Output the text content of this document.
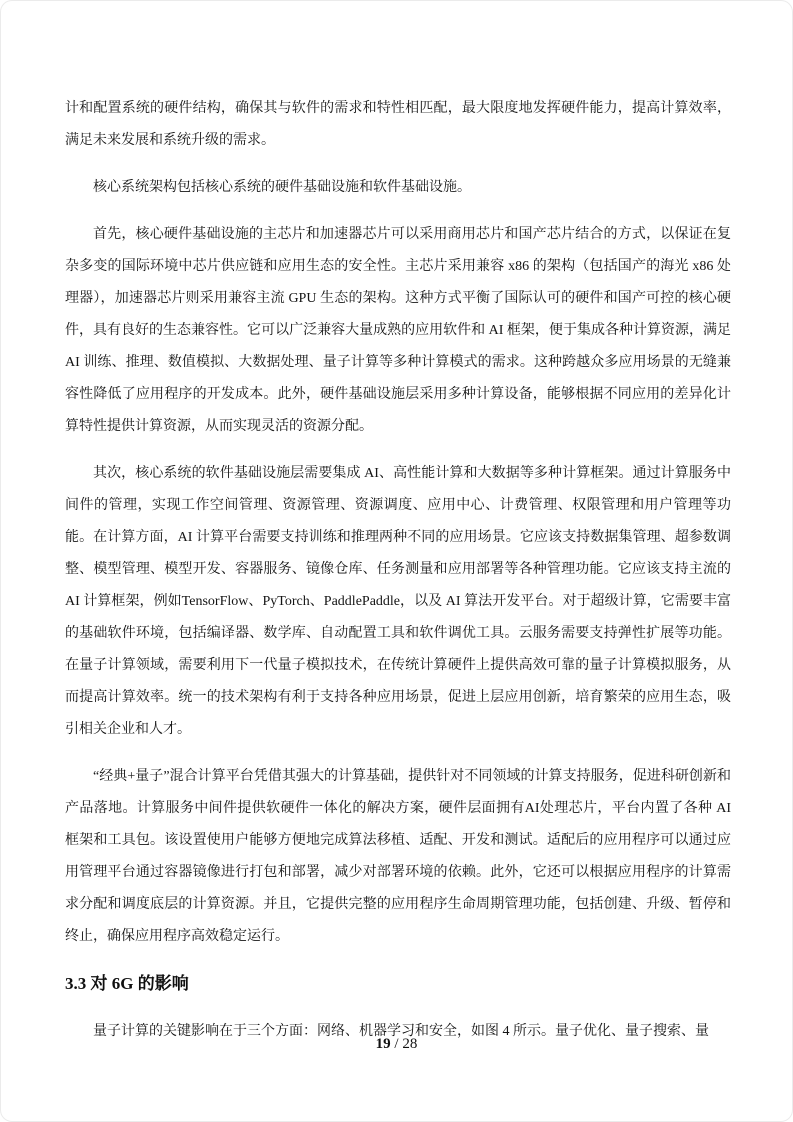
计和配置系统的硬件结构，确保其与软件的需求和特性相匹配，最大限度地发挥硬件能力，提高计算效率，满足未来发展和系统升级的需求。

核心系统架构包括核心系统的硬件基础设施和软件基础设施。

首先，核心硬件基础设施的主芯片和加速器芯片可以采用商用芯片和国产芯片结合的方式，以保证在复杂多变的国际环境中芯片供应链和应用生态的安全性。主芯片采用兼容 x86 的架构（包括国产的海光 x86 处理器），加速器芯片则采用兼容主流 GPU 生态的架构。这种方式平衡了国际认可的硬件和国产可控的核心硬件，具有良好的生态兼容性。它可以广泛兼容大量成熟的应用软件和 AI 框架，便于集成各种计算资源，满足 AI 训练、推理、数值模拟、大数据处理、量子计算等多种计算模式的需求。这种跨越众多应用场景的无缝兼容性降低了应用程序的开发成本。此外，硬件基础设施层采用多种计算设备，能够根据不同应用的差异化计算特性提供计算资源，从而实现灵活的资源分配。

其次，核心系统的软件基础设施层需要集成 AI、高性能计算和大数据等多种计算框架。通过计算服务中间件的管理，实现工作空间管理、资源管理、资源调度、应用中心、计费管理、权限管理和用户管理等功能。在计算方面，AI 计算平台需要支持训练和推理两种不同的应用场景。它应该支持数据集管理、超参数调整、模型管理、模型开发、容器服务、镜像仓库、任务测量和应用部署等各种管理功能。它应该支持主流的 AI 计算框架，例如TensorFlow、PyTorch、PaddlePaddle，以及 AI 算法开发平台。对于超级计算，它需要丰富的基础软件环境，包括编译器、数学库、自动配置工具和软件调优工具。云服务需要支持弹性扩展等功能。在量子计算领域，需要利用下一代量子模拟技术，在传统计算硬件上提供高效可靠的量子计算模拟服务，从而提高计算效率。统一的技术架构有利于支持各种应用场景，促进上层应用创新，培育繁荣的应用生态，吸引相关企业和人才。

“经典+量子”混合计算平台凭借其强大的计算基础，提供针对不同领域的计算支持服务，促进科研创新和产品落地。计算服务中间件提供软硬件一体化的解决方案，硬件层面拥有AI处理芯片，平台内置了各种 AI 框架和工具包。该设置使用户能够方便地完成算法移植、适配、开发和测试。适配后的应用程序可以通过应用管理平台通过容器镜像进行打包和部署，减少对部署环境的依赖。此外，它还可以根据应用程序的计算需求分配和调度底层的计算资源。并且，它提供完整的应用程序生命周期管理功能，包括创建、升级、暂停和终止，确保应用程序高效稳定运行。

3.3 对 6G 的影响

量子计算的关键影响在于三个方面：网络、机器学习和安全，如图 4 所示。量子优化、量子搜索、量

19 / 28
